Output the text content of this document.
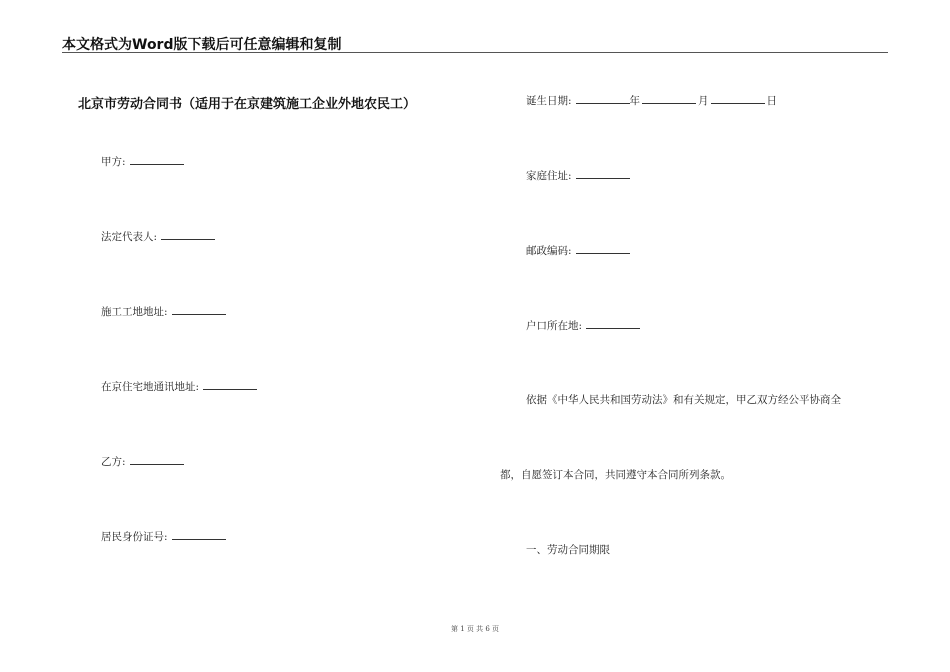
本文格式为Word版下载后可任意编辑和复制
北京市劳动合同书（适用于在京建筑施工企业外地农民工）
甲方:
法定代表人:
施工工地地址:
在京住宅地通讯地址:
乙方:
居民身份证号:
诞生日期:	年	月	日
家庭住址:
邮政编码:
户口所在地:
依据《中华人民共和国劳动法》和有关规定，甲乙双方经公平协商全
都，自愿签订本合同，共同遵守本合同所列条款。
一、劳动合同期限
第 1 页 共 6 页
